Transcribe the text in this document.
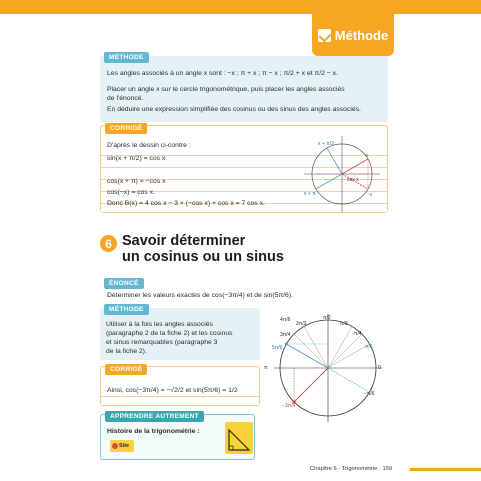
Méthode
MÉTHODE
Les angles associés à un angle x sont : −x ; π + x ; π − x ; π/2 + x et π/2 − x.
Placer un angle x sur le cercle trigonométrique, puis placer les angles associés
de l'énoncé.
En déduire une expression simplifiée des cosinus ou des sinus des angles associés.
CORRIGÉ
D'après le dessin ci-contre :
sin(x + π/2) = cos x
cos(x + π) = −cos x
cos(−x) = cos x.
Donc B(x) = 4 cos x − 3 × (−cos x) + cos x = 7 cos x.
x
x + π/2
x + π	−x
cos x
6 Savoir déterminer
un cosinus ou un sinus
ÉNONCÉ
Déterminer les valeurs exactes de cos(−3π/4) et de sin(5π/6).
MÉTHODE
Utiliser à la fois les angles associés
(paragraphe 2 de la fiche 2) et les cosinus
et sinus remarquables (paragraphe 3
de la fiche 2).
CORRIGÉ
Ainsi, cos(−3π/4) = −√2/2 et sin(5π/6) = 1/2
APPRENDRE AUTREMENT
Histoire de la trigonométrie :
Site
π/2
π/3
π/4
π/6
2π/3
3π/4
5π/6
4π/6
−π/6
−3π/4
π	0
Chapitre 6 · Trigonométrie · 159
